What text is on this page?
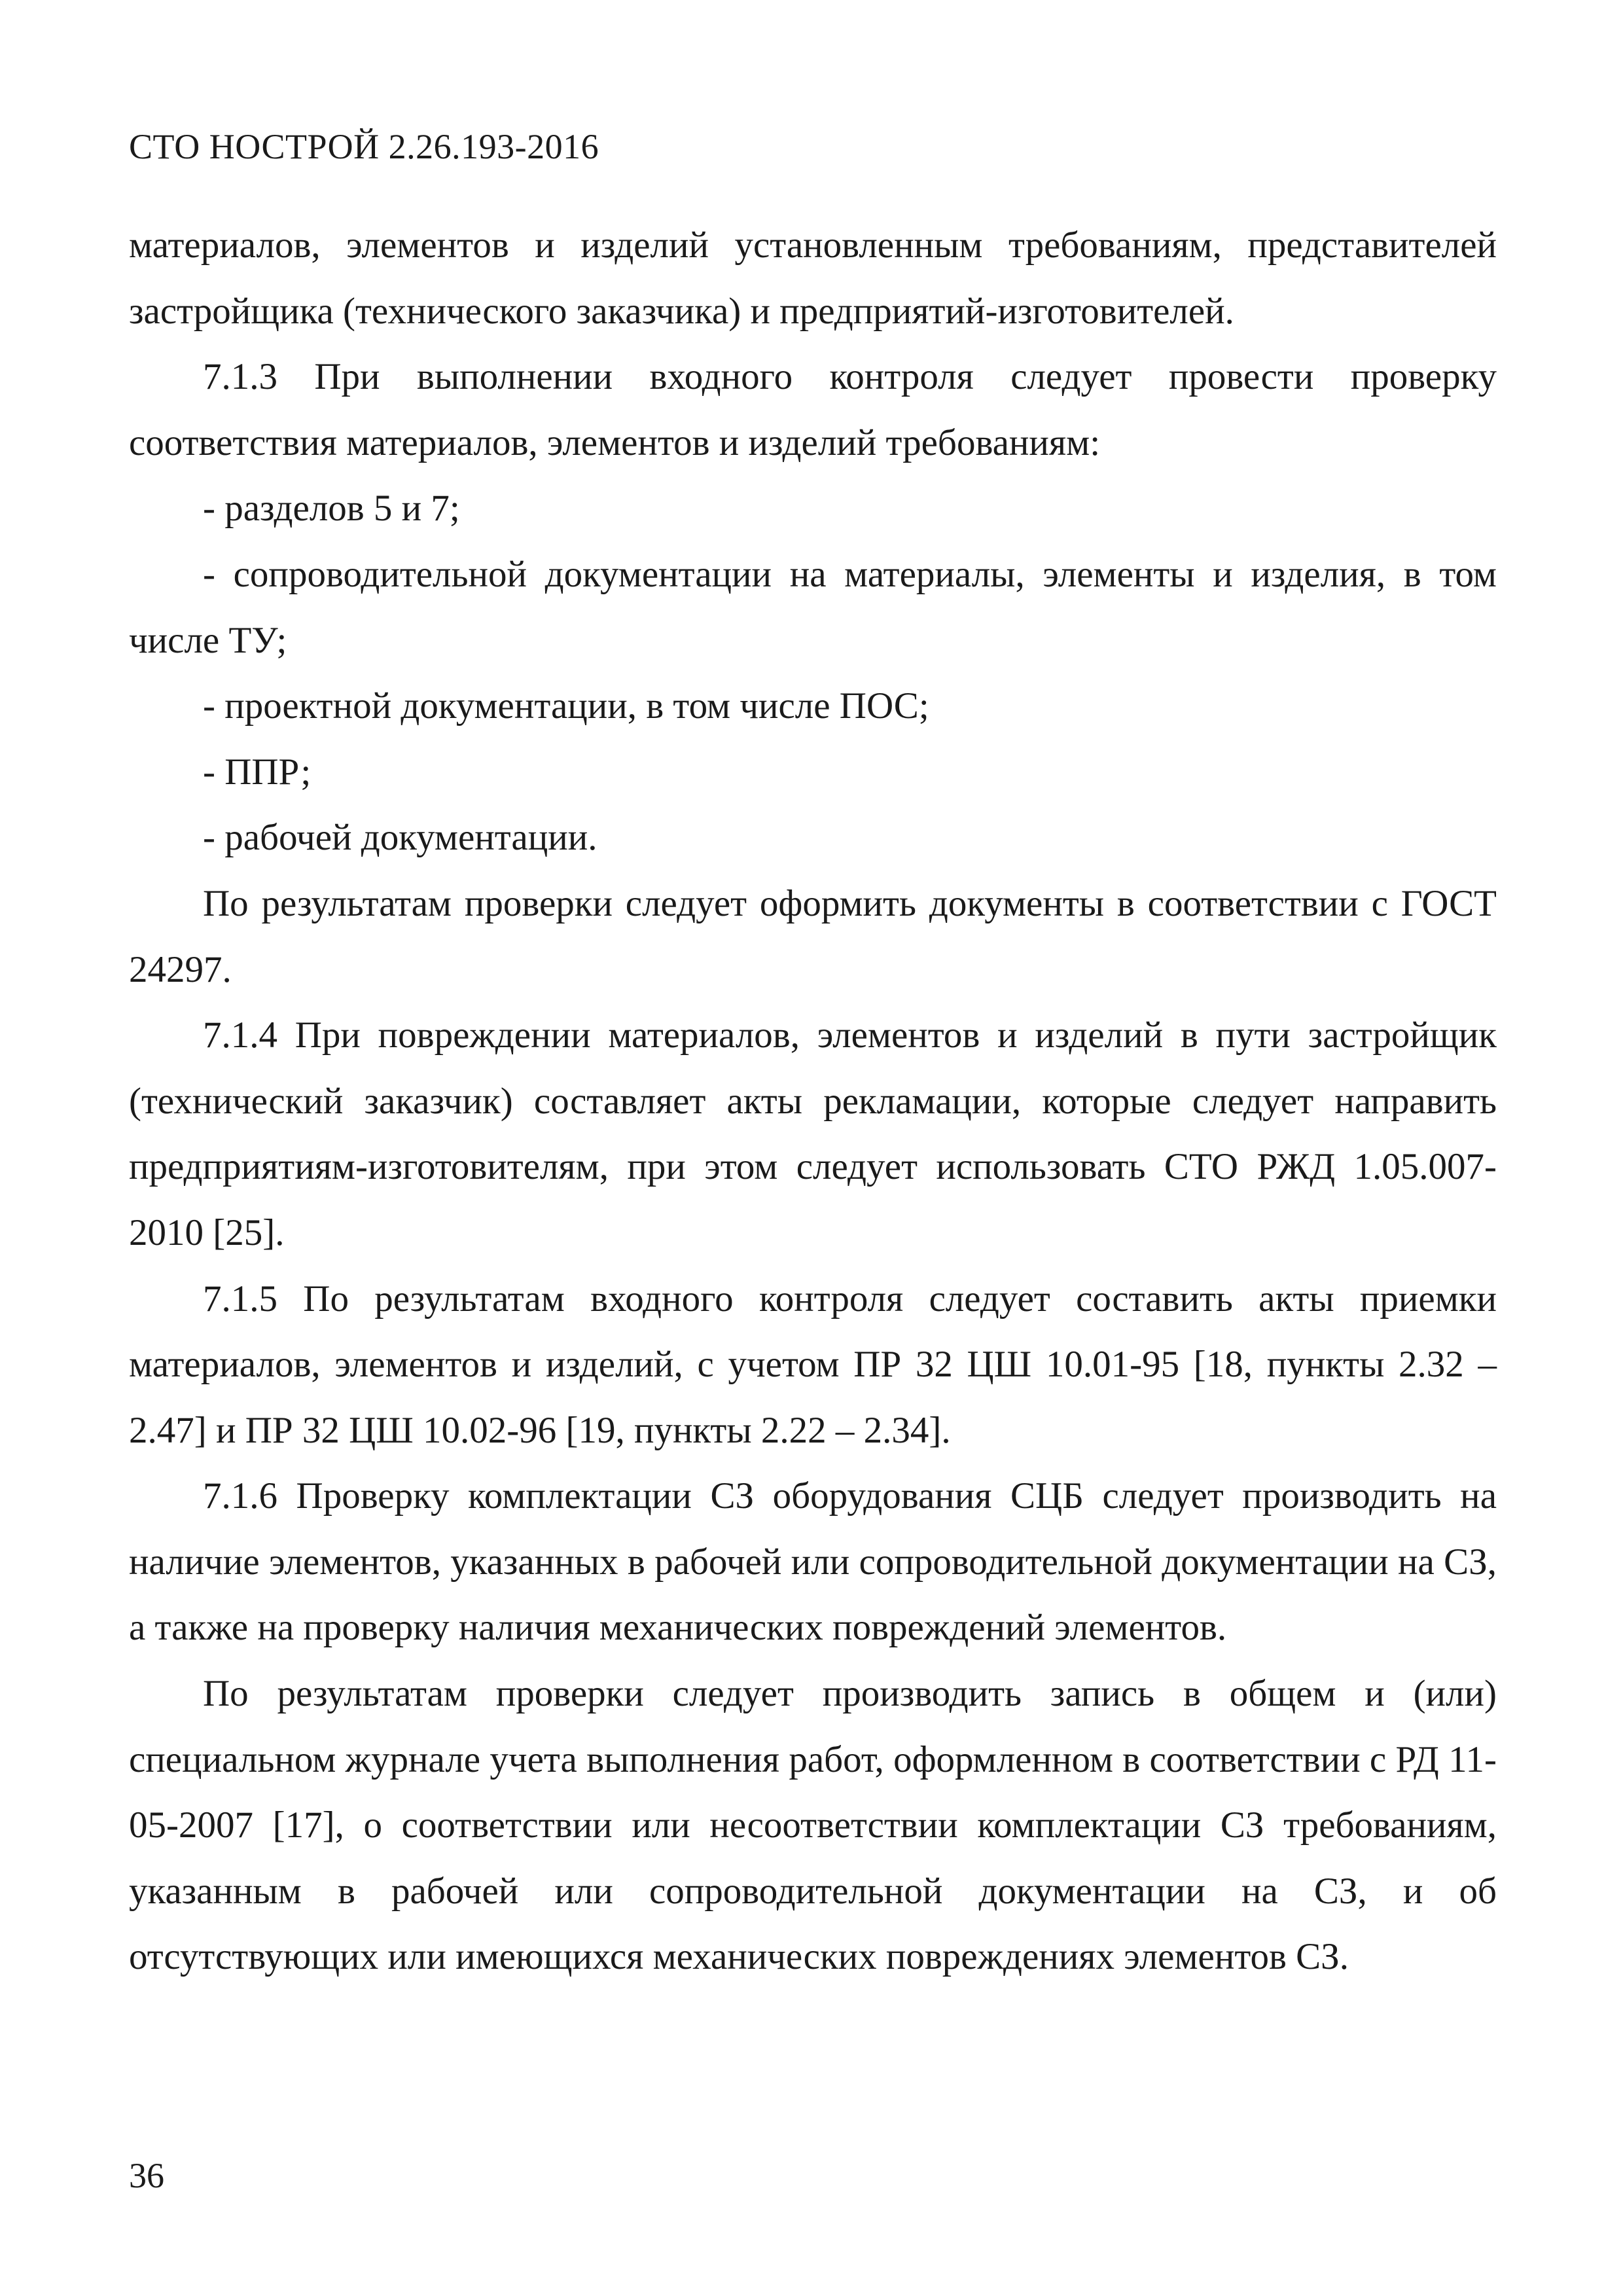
СТО НОСТРОЙ 2.26.193-2016

материалов, элементов и изделий установленным требованиям, представителей застройщика (технического заказчика) и предприятий-изготовителей.

7.1.3 При выполнении входного контроля следует провести проверку соответствия материалов, элементов и изделий требованиям:

- разделов 5 и 7;

- сопроводительной документации на материалы, элементы и изделия, в том числе ТУ;

- проектной документации, в том числе ПОС;

- ППР;

- рабочей документации.

По результатам проверки следует оформить документы в соответствии с ГОСТ 24297.

7.1.4 При повреждении материалов, элементов и изделий в пути застройщик (технический заказчик) составляет акты рекламации, которые следует направить предприятиям-изготовителям, при этом следует использовать СТО РЖД 1.05.007-2010 [25].

7.1.5 По результатам входного контроля следует составить акты приемки материалов, элементов и изделий, с учетом ПР 32 ЦШ 10.01-95 [18, пункты 2.32 – 2.47] и ПР 32 ЦШ 10.02-96 [19, пункты 2.22 – 2.34].

7.1.6 Проверку комплектации СЗ оборудования СЦБ следует производить на наличие элементов, указанных в рабочей или сопроводительной документации на СЗ, а также на проверку наличия механических повреждений элементов.

По результатам проверки следует производить запись в общем и (или) специальном журнале учета выполнения работ, оформленном в соответствии с РД 11-05-2007 [17], о соответствии или несоответствии комплектации СЗ требованиям, указанным в рабочей или сопроводительной документации на СЗ, и об отсутствующих или имеющихся механических повреждениях элементов СЗ.

36
